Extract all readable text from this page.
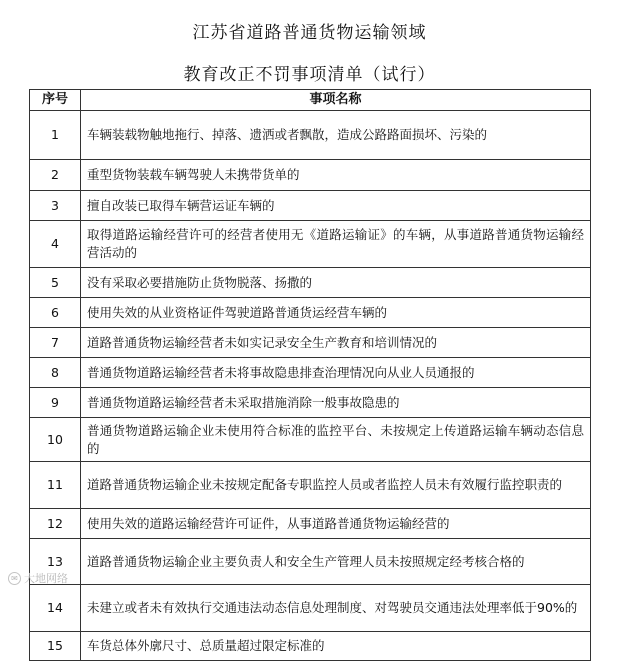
江苏省道路普通货物运输领域
教育改正不罚事项清单（试行）
序号	事项名称
1	车辆装载物触地拖行、掉落、遗洒或者飘散，造成公路路面损坏、污染的
2	重型货物装载车辆驾驶人未携带货单的
3	擅自改装已取得车辆营运证车辆的
4	取得道路运输经营许可的经营者使用无《道路运输证》的车辆，从事道路普通货物运输经营活动的
5	没有采取必要措施防止货物脱落、扬撒的
6	使用失效的从业资格证件驾驶道路普通货运经营车辆的
7	道路普通货物运输经营者未如实记录安全生产教育和培训情况的
8	普通货物道路运输经营者未将事故隐患排查治理情况向从业人员通报的
9	普通货物道路运输经营者未采取措施消除一般事故隐患的
10	普通货物道路运输企业未使用符合标准的监控平台、未按规定上传道路运输车辆动态信息的
11	道路普通货物运输企业未按规定配备专职监控人员或者监控人员未有效履行监控职责的
12	使用失效的道路运输经营许可证件，从事道路普通货物运输经营的
13	道路普通货物运输企业主要负责人和安全生产管理人员未按照规定经考核合格的
14	未建立或者未有效执行交通违法动态信息处理制度、对驾驶员交通违法处理率低于90%的
15	车货总体外廓尺寸、总质量超过限定标准的
✉ 大地网络
